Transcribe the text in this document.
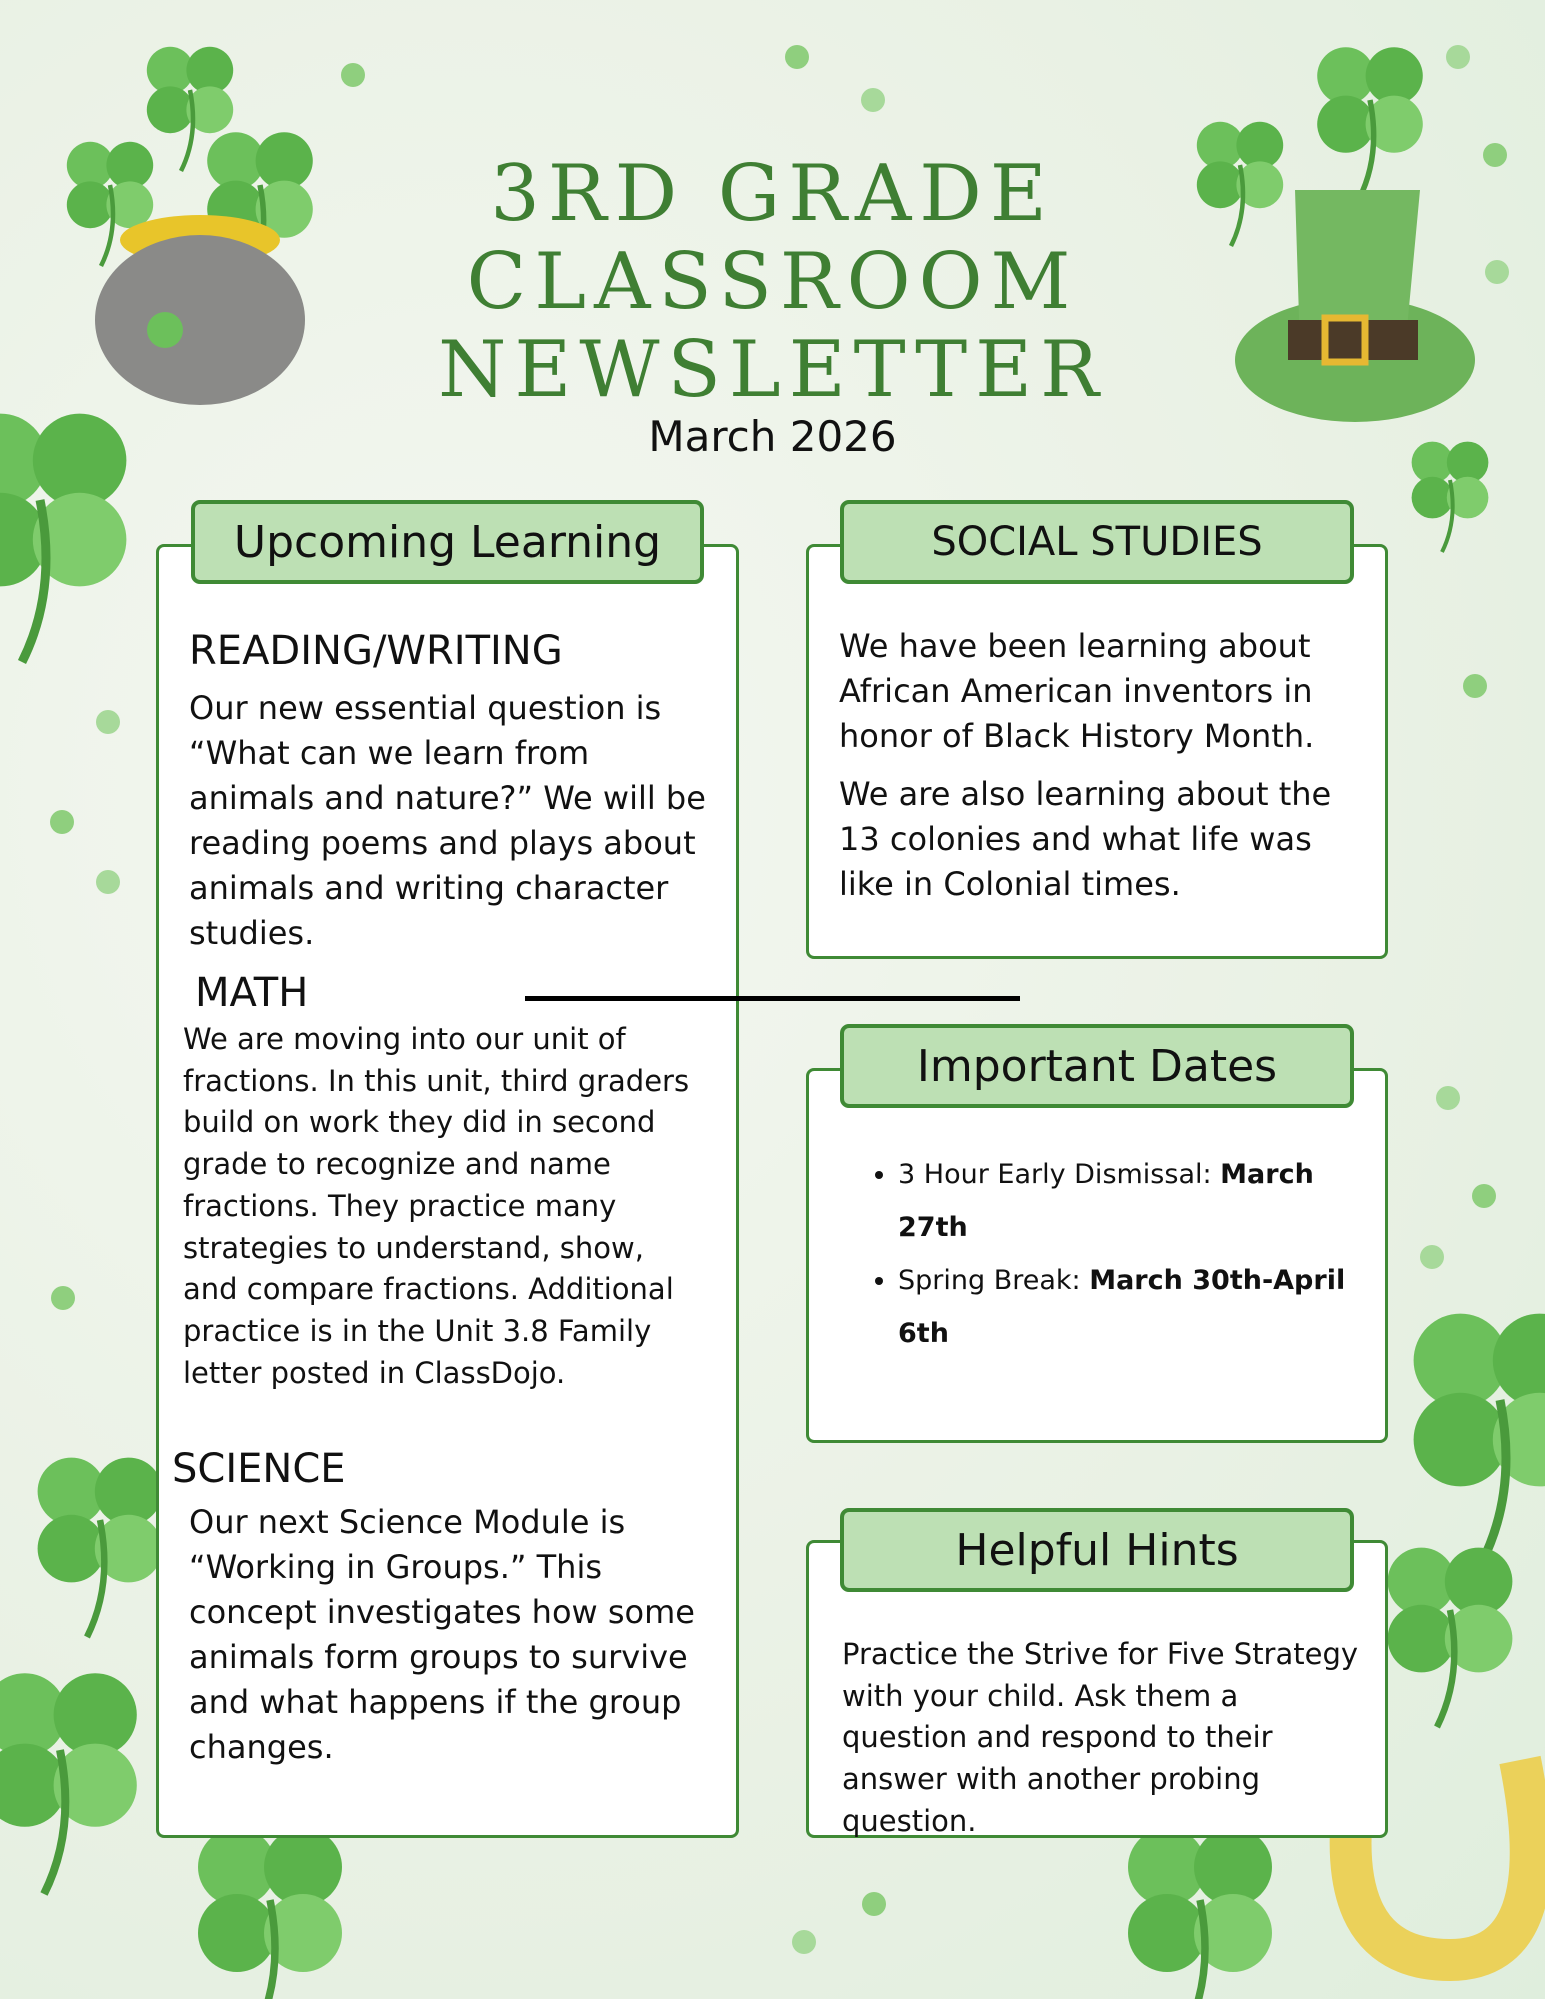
3RD GRADE
CLASSROOM
NEWSLETTER
March 2026
Upcoming Learning
READING/WRITING
Our new essential question is “What can we learn from animals and nature?” We will be reading poems and plays about animals and writing character studies.
MATH
We are moving into our unit of fractions. In this unit, third graders build on work they did in second grade to recognize and name fractions. They practice many strategies to understand, show, and compare fractions. Additional practice is in the Unit 3.8 Family letter posted in ClassDojo.
SCIENCE
Our next Science Module is “Working in Groups.” This concept investigates how some animals form groups to survive and what happens if the group changes.
SOCIAL STUDIES
We have been learning about African American inventors in honor of Black History Month.
We are also learning about the 13 colonies and what life was like in Colonial times.
Important Dates
• 3 Hour Early Dismissal: March 27th
• Spring Break: March 30th-April 6th
Helpful Hints
Practice the Strive for Five Strategy with your child. Ask them a question and respond to their answer with another probing question.
